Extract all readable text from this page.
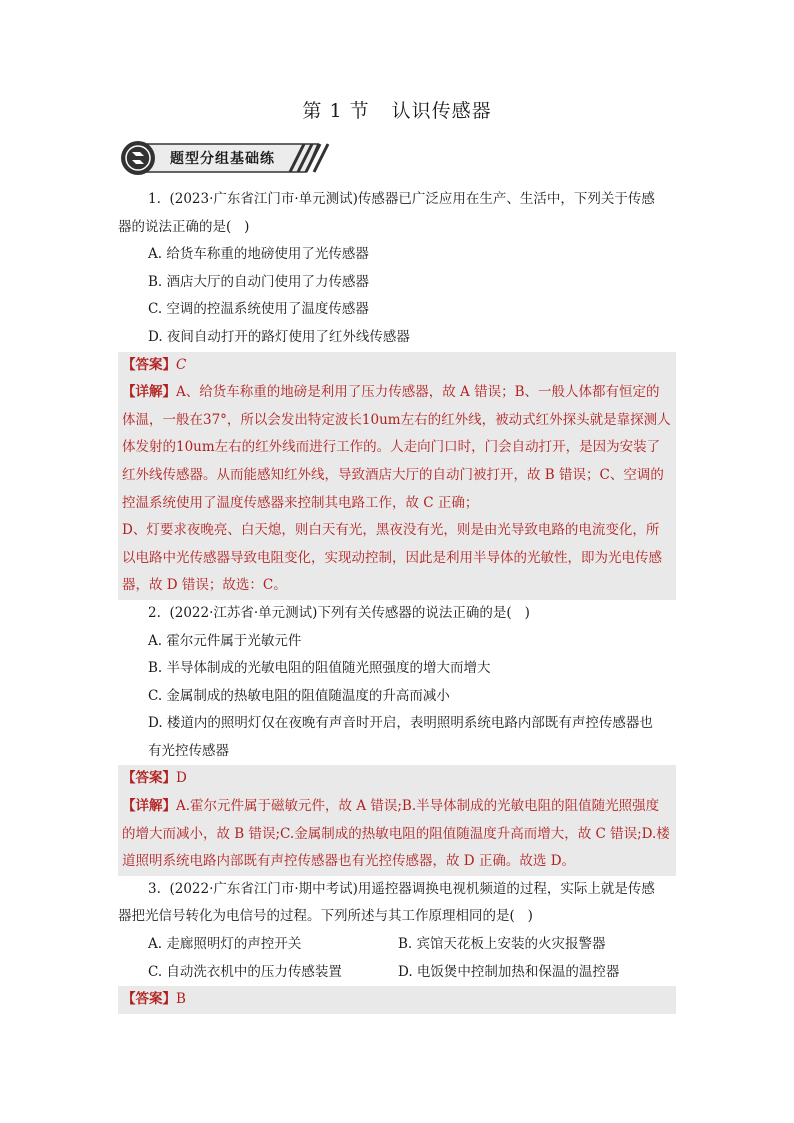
第 1 节 认识传感器
题型分组基础练
1.  (2023·广东省江门市·单元测试)传感器已广泛应用在生产、生活中，下列关于传感
器的说法正确的是(   )
A. 给货车称重的地磅使用了光传感器
B. 酒店大厅的自动门使用了力传感器
C. 空调的控温系统使用了温度传感器
D. 夜间自动打开的路灯使用了红外线传感器
【答案】C
【详解】A、给货车称重的地磅是利用了压力传感器，故 A 错误；B、一般人体都有恒定的
体温，一般在37°，所以会发出特定波长10um左右的红外线，被动式红外探头就是靠探测人
体发射的10um左右的红外线而进行工作的。人走向门口时，门会自动打开，是因为安装了
红外线传感器。从而能感知红外线，导致酒店大厅的自动门被打开，故 B 错误；C、空调的
控温系统使用了温度传感器来控制其电路工作，故 C 正确；
D、灯要求夜晚亮、白天熄，则白天有光，黑夜没有光，则是由光导致电路的电流变化，所
以电路中光传感器导致电阻变化，实现动控制，因此是利用半导体的光敏性，即为光电传感
器，故 D 错误；故选：C。
2.  (2022·江苏省·单元测试)下列有关传感器的说法正确的是(   )
A. 霍尔元件属于光敏元件
B. 半导体制成的光敏电阻的阻值随光照强度的增大而增大
C. 金属制成的热敏电阻的阻值随温度的升高而减小
D. 楼道内的照明灯仅在夜晚有声音时开启，表明照明系统电路内部既有声控传感器也
有光控传感器
【答案】D
【详解】A.霍尔元件属于磁敏元件，故 A 错误;B.半导体制成的光敏电阻的阻值随光照强度
的增大而减小，故 B 错误;C.金属制成的热敏电阻的阻值随温度升高而增大，故 C 错误;D.楼
道照明系统电路内部既有声控传感器也有光控传感器，故 D 正确。故选 D。
3.  (2022·广东省江门市·期中考试)用遥控器调换电视机频道的过程，实际上就是传感
器把光信号转化为电信号的过程。下列所述与其工作原理相同的是(   )
A. 走廊照明灯的声控开关	B. 宾馆天花板上安装的火灾报警器
C. 自动洗衣机中的压力传感装置	D. 电饭煲中控制加热和保温的温控器
【答案】B
